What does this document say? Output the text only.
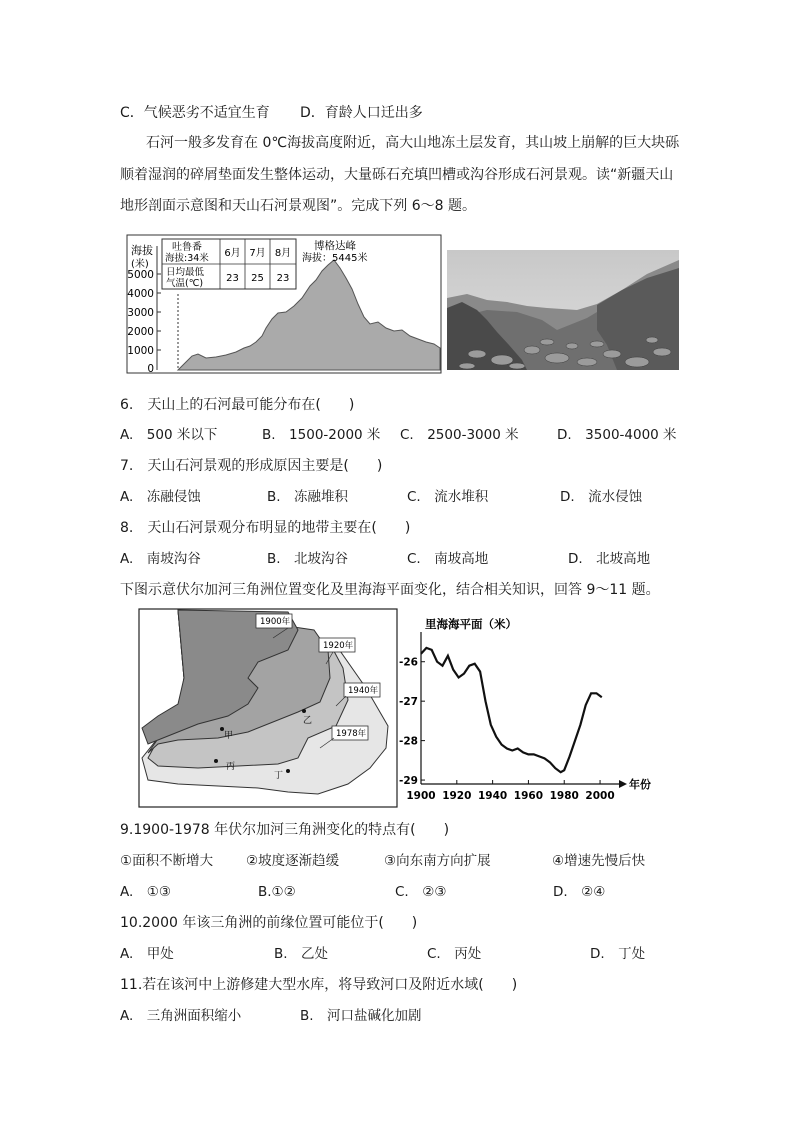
C．气候恶劣不适宜生育 D．育龄人口迁出多
石河一般多发育在 0℃海拔高度附近，高大山地冻土层发育，其山坡上崩解的巨大块砾
顺着湿润的碎屑垫面发生整体运动，大量砾石充填凹槽或沟谷形成石河景观。读“新疆天山
地形剖面示意图和天山石河景观图”。完成下列 6～8 题。
海拔
(米)
5000
4000
3000
2000
1000
0
吐鲁番
海拔:34米
日均最低
气温(℃)
6月 7月 8月
23 25 23
博格达峰
海拔：5445米
6.　天山上的石河最可能分布在(　　)
A.　500 米以下	B.　1500-2000 米 C.　2500-3000 米	D.　3500-4000 米
7.　天山石河景观的形成原因主要是(　　)
A.　冻融侵蚀	B.　冻融堆积	C.　流水堆积	D.　流水侵蚀
8.　天山石河景观分布明显的地带主要在(　　)
A.　南坡沟谷	B.　北坡沟谷	C.　南坡高地	D.　北坡高地
下图示意伏尔加河三角洲位置变化及里海海平面变化，结合相关知识，回答 9～11 题。
1900年
1920年
1940年
1978年
甲
乙
丙
丁
里海海平面（米）
年份
1900 1920 1940 1960 1980 2000
-26
-27
-28
-29
9.1900-1978 年伏尔加河三角洲变化的特点有(　　)
①面积不断增大 ②坡度逐渐趋缓	③向东南方向扩展	④增速先慢后快
A.　①③	B.①②	C.　②③	D.　②④
10.2000 年该三角洲的前缘位置可能位于(　　)
A.　甲处	B.　乙处	C.　丙处	D.　丁处
11.若在该河中上游修建大型水库，将导致河口及附近水域(　　)
A.　三角洲面积缩小	B.　河口盐碱化加剧
